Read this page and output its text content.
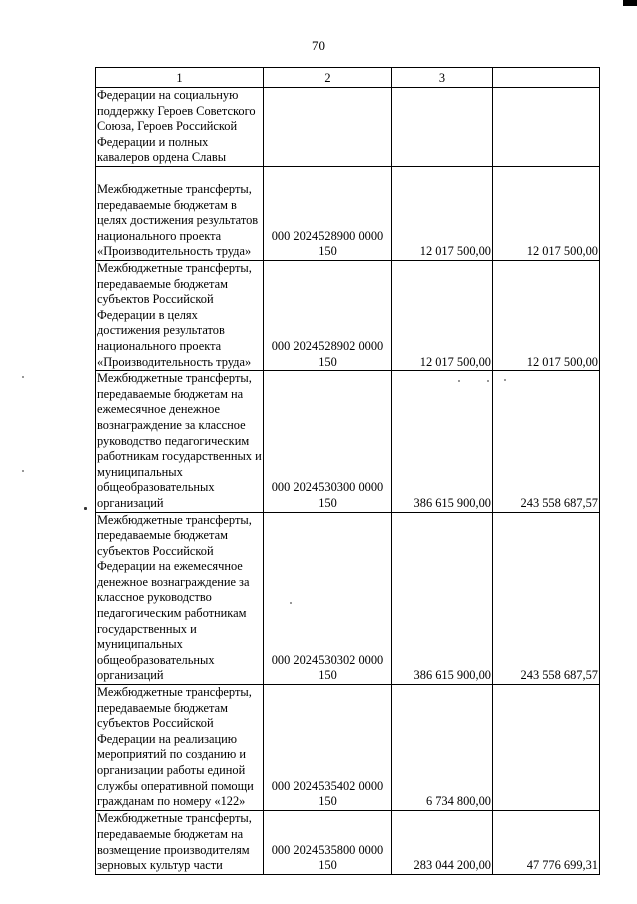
70
1	2	3	
Федерации на социальную поддержку Героев Советского Союза, Героев Российской Федерации и полных кавалеров ордена Славы			
Межбюджетные трансферты, передаваемые бюджетам в целях достижения результатов национального проекта «Производительность труда»	000 2024528900 0000 150	12 017 500,00	12 017 500,00
Межбюджетные трансферты, передаваемые бюджетам субъектов Российской Федерации в целях достижения результатов национального проекта «Производительность труда»	000 2024528902 0000 150	12 017 500,00	12 017 500,00
Межбюджетные трансферты, передаваемые бюджетам на ежемесячное денежное вознаграждение за классное руководство педагогическим работникам государственных и муниципальных общеобразовательных организаций	000 2024530300 0000 150	386 615 900,00	243 558 687,57
Межбюджетные трансферты, передаваемые бюджетам субъектов Российской Федерации на ежемесячное денежное вознаграждение за классное руководство педагогическим работникам государственных и муниципальных общеобразовательных организаций	000 2024530302 0000 150	386 615 900,00	243 558 687,57
Межбюджетные трансферты, передаваемые бюджетам субъектов Российской Федерации на реализацию мероприятий по созданию и организации работы единой службы оперативной помощи гражданам по номеру «122»	000 2024535402 0000 150	6 734 800,00	
Межбюджетные трансферты, передаваемые бюджетам на возмещение производителям зерновых культур части	000 2024535800 0000 150	283 044 200,00	47 776 699,31
